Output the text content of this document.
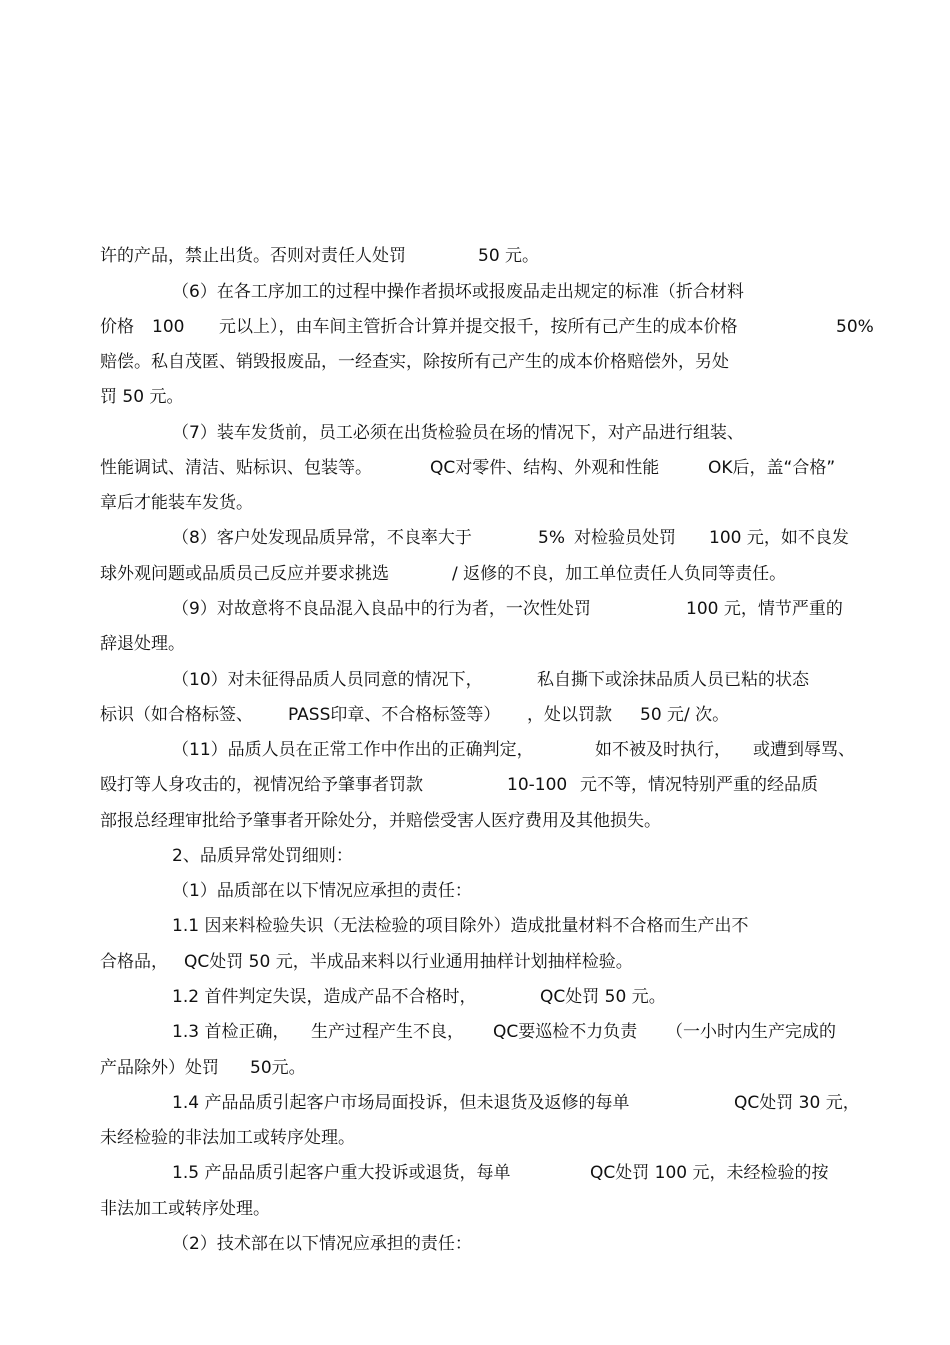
许的产品，禁止出货。否则对责任人处罚

	50 元。

（6）在各工序加工的过程中操作者损坏或报废品走出规定的标准（折合材料

价格

100

元以上），由车间主管折合计算并提交报千，按所有己产生的成本价格

	50%

赔偿。私自茂匿、销毁报废品，一经查实，除按所有己产生的成本价格赔偿外，另处

罚 50 元。

（7）装车发货前，员工必须在出货检验员在场的情况下，对产品进行组装、

性能调试、清洁、贴标识、包装等。

	QC对零件、结构、外观和性能

	OK后，盖“合格”

章后才能装车发货。

（8）客户处发现品质异常，不良率大于

	5%

对检验员处罚

100 元，如不良发

球外观问题或品质员己反应并要求挑选

	/ 返修的不良，加工单位责任人负同等责任。

（9）对故意将不良品混入良品中的行为者，一次性处罚

	100 元，情节严重的

辞退处理。

（10）对未征得品质人员同意的情况下，

	私自撕下或涂抹品质人员已粘的状态

标识（如合格标签、

PASS印章、不合格标签等）

，处以罚款

50 元/ 次。

（11）品质人员在正常工作中作出的正确判定，

	如不被及时执行，

或遭到辱骂、

殴打等人身攻击的，视情况给予肇事者罚款

	10-100

元不等，情况特别严重的经品质

部报总经理审批给予肇事者开除处分，并赔偿受害人医疗费用及其他损失。

2、品质异常处罚细则：

（1）品质部在以下情况应承担的责任：

1.1 因来料检验失识（无法检验的项目除外）造成批量材料不合格而生产出不

合格品，

QC处罚 50 元，半成品来料以行业通用抽样计划抽样检验。

1.2 首件判定失误，造成产品不合格时，

	QC处罚 50 元。

1.3 首检正确，

生产过程产生不良，

QC要巡检不力负责

（一小时内生产完成的

产品除外）处罚

50元。

1.4 产品品质引起客户市场局面投诉，但未退货及返修的每单

	QC处罚 30 元，

未经检验的非法加工或转序处理。

1.5 产品品质引起客户重大投诉或退货，每单

	QC处罚 100 元，未经检验的按

非法加工或转序处理。

（2）技术部在以下情况应承担的责任：
